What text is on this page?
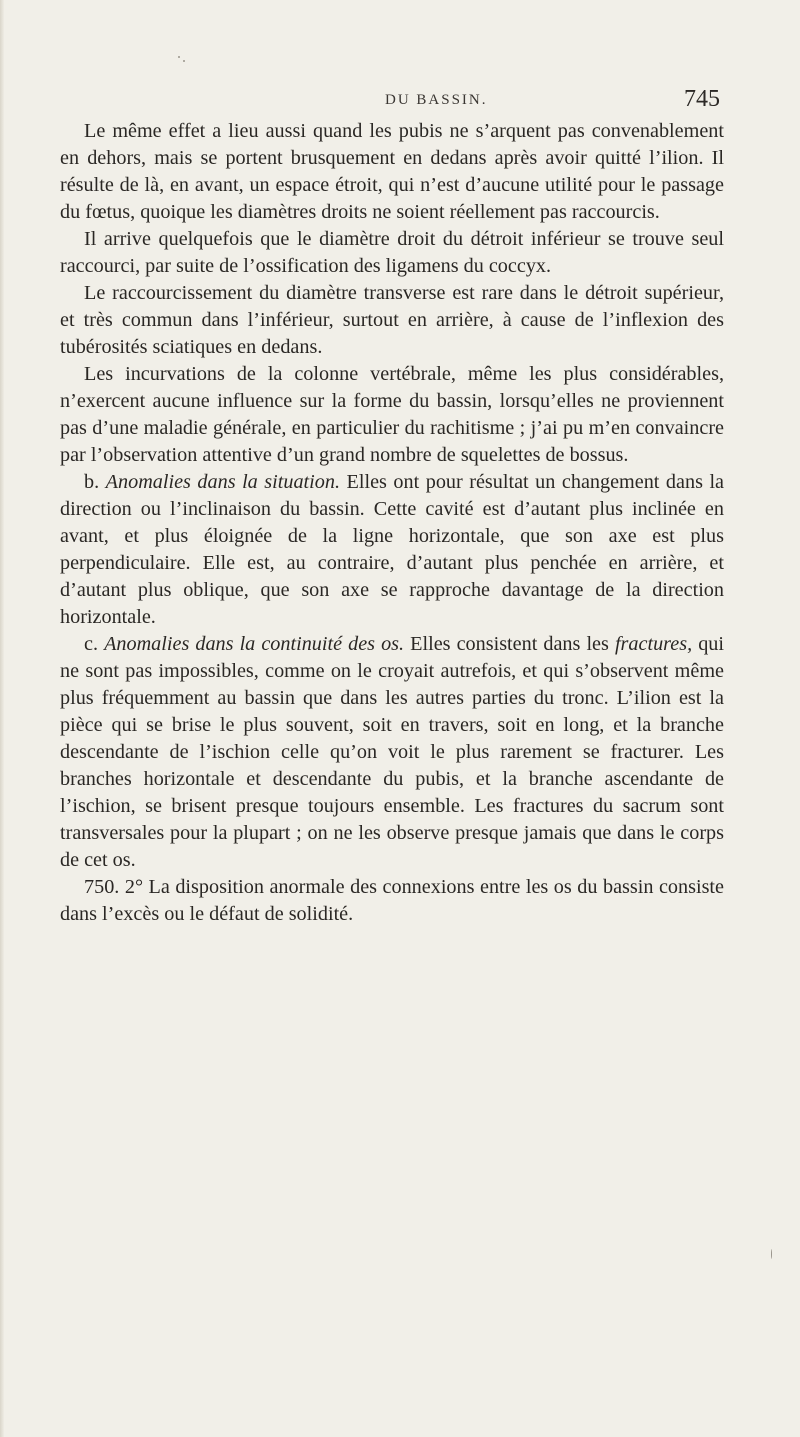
DU BASSIN.	745

Le même effet a lieu aussi quand les pubis ne s’arquent pas convenablement en dehors, mais se portent brusquement en dedans après avoir quitté l’ilion. Il résulte de là, en avant, un espace étroit, qui n’est d’aucune utilité pour le passage du fœtus, quoique les diamètres droits ne soient réellement pas raccourcis.

Il arrive quelquefois que le diamètre droit du détroit inférieur se trouve seul raccourci, par suite de l’ossification des ligamens du coccyx.

Le raccourcissement du diamètre transverse est rare dans le détroit supérieur, et très commun dans l’inférieur, surtout en arrière, à cause de l’inflexion des tubérosités sciatiques en dedans.

Les incurvations de la colonne vertébrale, même les plus considérables, n’exercent aucune influence sur la forme du bassin, lorsqu’elles ne proviennent pas d’une maladie générale, en particulier du rachitisme ; j’ai pu m’en convaincre par l’observation attentive d’un grand nombre de squelettes de bossus.

b. Anomalies dans la situation. Elles ont pour résultat un changement dans la direction ou l’inclinaison du bassin. Cette cavité est d’autant plus inclinée en avant, et plus éloignée de la ligne horizontale, que son axe est plus perpendiculaire. Elle est, au contraire, d’autant plus penchée en arrière, et d’autant plus oblique, que son axe se rapproche davantage de la direction horizontale.

c. Anomalies dans la continuité des os. Elles consistent dans les fractures, qui ne sont pas impossibles, comme on le croyait autrefois, et qui s’observent même plus fréquemment au bassin que dans les autres parties du tronc. L’ilion est la pièce qui se brise le plus souvent, soit en travers, soit en long, et la branche descendante de l’ischion celle qu’on voit le plus rarement se fracturer. Les branches horizontale et descendante du pubis, et la branche ascendante de l’ischion, se brisent presque toujours ensemble. Les fractures du sacrum sont transversales pour la plupart ; on ne les observe presque jamais que dans le corps de cet os.

750. 2° La disposition anormale des connexions entre les os du bassin consiste dans l’excès ou le défaut de solidité.
